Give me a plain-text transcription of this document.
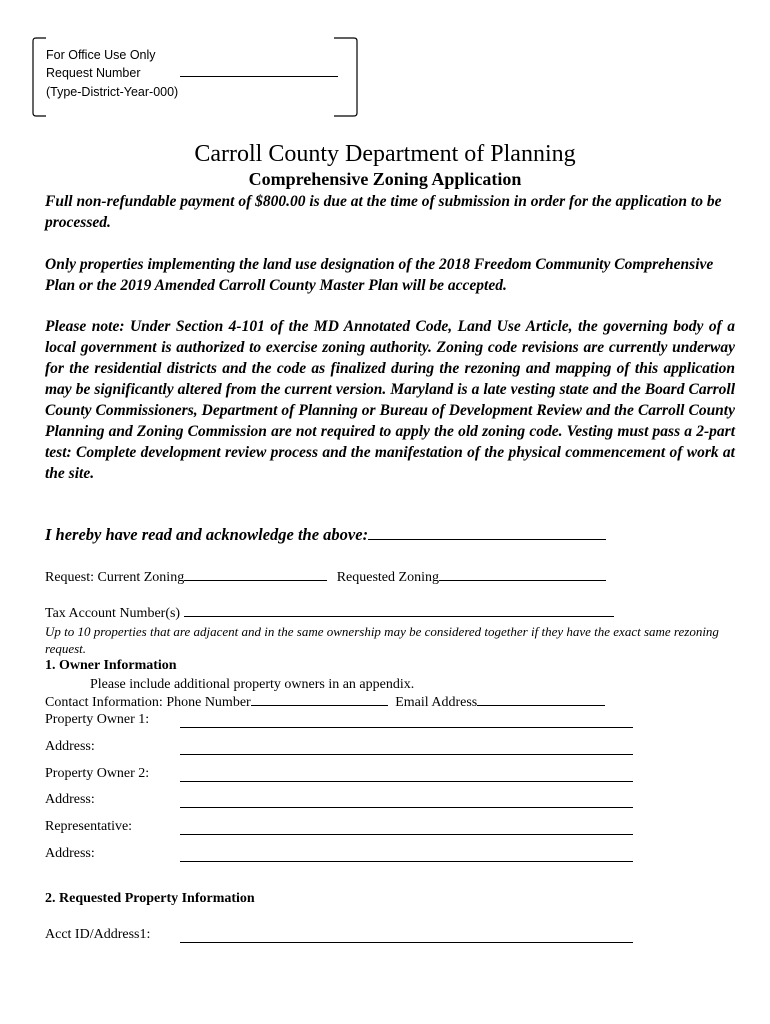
For Office Use Only
Request Number
(Type-District-Year-000)
Carroll County Department of Planning
Comprehensive Zoning Application
Full non-refundable payment of $800.00 is due at the time of submission in order for the application to be processed.
Only properties implementing the land use designation of the 2018 Freedom Community Comprehensive Plan or the 2019 Amended Carroll County Master Plan will be accepted.
Please note: Under Section 4-101 of the MD Annotated Code, Land Use Article, the governing body of a local government is authorized to exercise zoning authority. Zoning code revisions are currently underway for the residential districts and the code as finalized during the rezoning and mapping of this application may be significantly altered from the current version. Maryland is a late vesting state and the Board Carroll County Commissioners, Department of Planning or Bureau of Development Review and the Carroll County Planning and Zoning Commission are not required to apply the old zoning code. Vesting must pass a 2-part test: Complete development review process and the manifestation of the physical commencement of work at the site.
I hereby have read and acknowledge the above:
Request: Current Zoning	Requested Zoning
Tax Account Number(s)
Up to 10 properties that are adjacent and in the same ownership may be considered together if they have the exact same rezoning request.
1. Owner Information
Please include additional property owners in an appendix.
Contact Information: Phone Number	Email Address
Property Owner 1:
Address:
Property Owner 2:
Address:
Representative:
Address:
2. Requested Property Information
Acct ID/Address1:
